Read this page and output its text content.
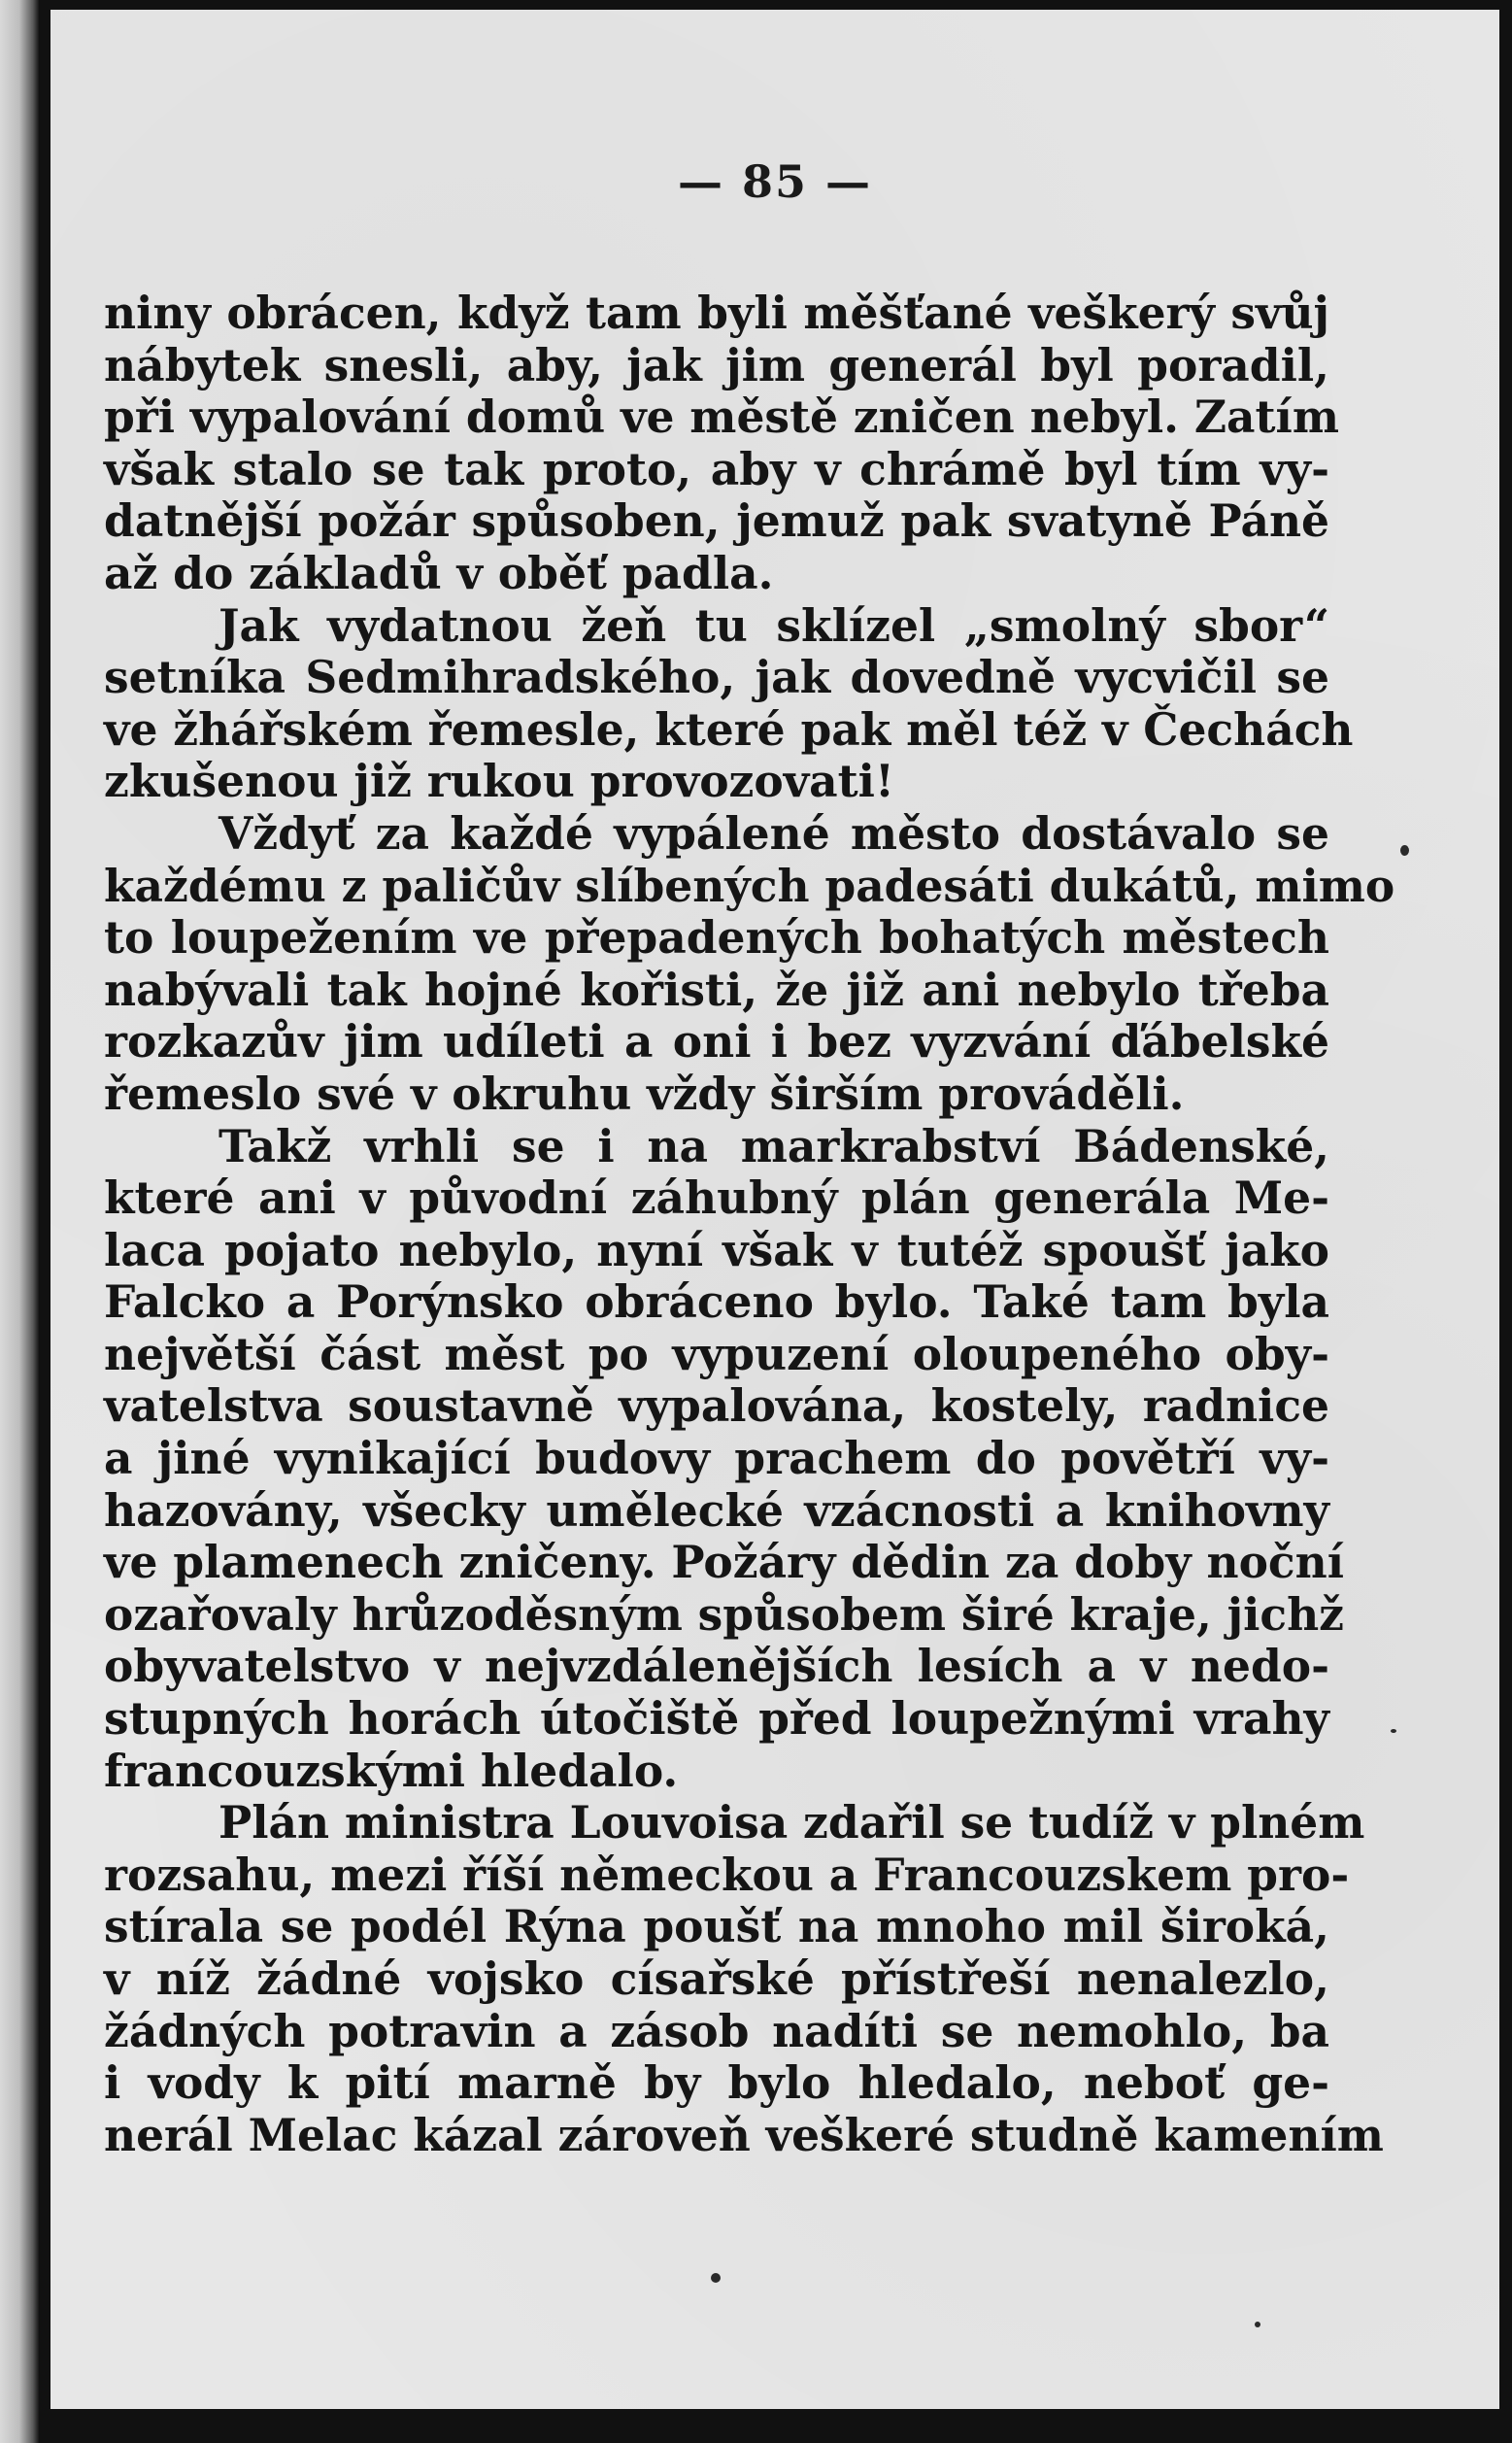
— 85 —
niny obrácen, když tam byli měšťané veškerý svůj
nábytek snesli, aby, jak jim generál byl poradil,
při vypalování domů ve městě zničen nebyl. Zatím
však stalo se tak proto, aby v chrámě byl tím vy-
datnější požár spůsoben, jemuž pak svatyně Páně
až do základů v oběť padla.
Jak vydatnou žeň tu sklízel „smolný sbor“
setníka Sedmihradského, jak dovedně vycvičil se
ve žhářském řemesle, které pak měl též v Čechách
zkušenou již rukou provozovati!
Vždyť za každé vypálené město dostávalo se
každému z paličův slíbených padesáti dukátů, mimo
to loupežením ve přepadených bohatých městech
nabývali tak hojné kořisti, že již ani nebylo třeba
rozkazův jim udíleti a oni i bez vyzvání ďábelské
řemeslo své v okruhu vždy širším prováděli.
Takž vrhli se i na markrabství Bádenské,
které ani v původní záhubný plán generála Me-
laca pojato nebylo, nyní však v tutéž spoušť jako
Falcko a Porýnsko obráceno bylo. Také tam byla
největší část měst po vypuzení oloupeného oby-
vatelstva soustavně vypalována, kostely, radnice
a jiné vynikající budovy prachem do povětří vy-
hazovány, všecky umělecké vzácnosti a knihovny
ve plamenech zničeny. Požáry dědin za doby noční
ozařovaly hrůzoděsným spůsobem širé kraje, jichž
obyvatelstvo v nejvzdálenějších lesích a v nedo-
stupných horách útočiště před loupežnými vrahy
francouzskými hledalo.
Plán ministra Louvoisa zdařil se tudíž v plném
rozsahu, mezi říší německou a Francouzskem pro-
stírala se podél Rýna poušť na mnoho mil široká,
v níž žádné vojsko císařské přístřeší nenalezlo,
žádných potravin a zásob nadíti se nemohlo, ba
i vody k pití marně by bylo hledalo, neboť ge-
nerál Melac kázal zároveň veškeré studně kamením
